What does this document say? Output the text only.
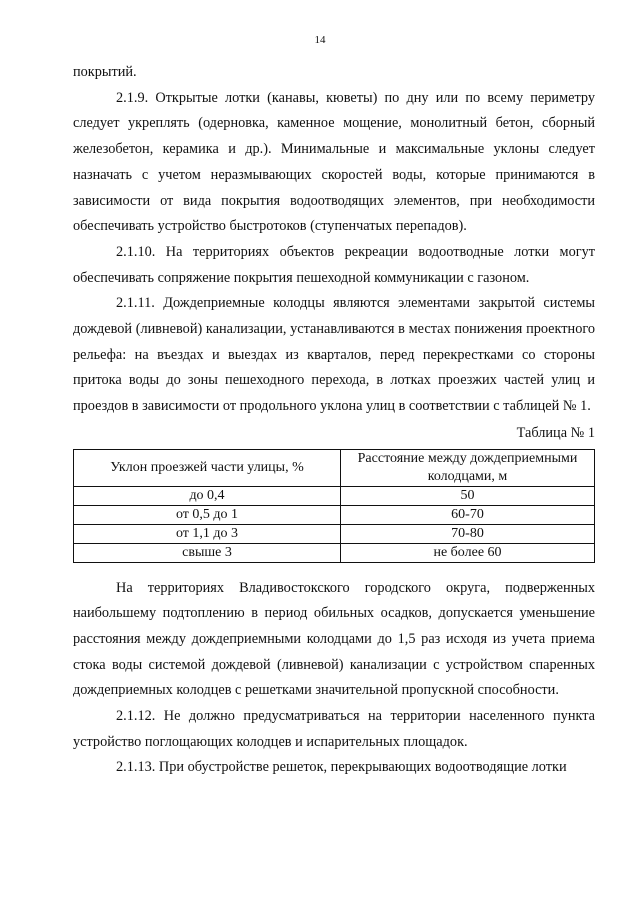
14

покрытий.

2.1.9. Открытые лотки (канавы, кюветы) по дну или по всему периметру следует укреплять (одерновка, каменное мощение, монолитный бетон, сборный железобетон, керамика и др.). Минимальные и максимальные уклоны следует назначать с учетом неразмывающих скоростей воды, которые принимаются в зависимости от вида покрытия водоотводящих элементов, при необходимости обеспечивать устройство быстротоков (ступенчатых перепадов).

2.1.10. На территориях объектов рекреации водоотводные лотки могут обеспечивать сопряжение покрытия пешеходной коммуникации с газоном.

2.1.11. Дождеприемные колодцы являются элементами закрытой системы дождевой (ливневой) канализации, устанавливаются в местах понижения проектного рельефа: на въездах и выездах из кварталов, перед перекрестками со стороны притока воды до зоны пешеходного перехода, в лотках проезжих частей улиц и проездов в зависимости от продольного уклона улиц в соответствии с таблицей № 1.

Таблица № 1

Уклон проезжей части улицы, %	Расстояние между дождеприемными колодцами, м
до 0,4	50
от 0,5 до 1	60-70
от 1,1 до 3	70-80
свыше 3	не более 60

На территориях Владивостокского городского округа, подверженных наибольшему подтоплению в период обильных осадков, допускается уменьшение расстояния между дождеприемными колодцами до 1,5 раз исходя из учета приема стока воды системой дождевой (ливневой) канализации с устройством спаренных дождеприемных колодцев с решетками значительной пропускной способности.

2.1.12. Не должно предусматриваться на территории населенного пункта устройство поглощающих колодцев и испарительных площадок.

2.1.13. При обустройстве решеток, перекрывающих водоотводящие лотки
